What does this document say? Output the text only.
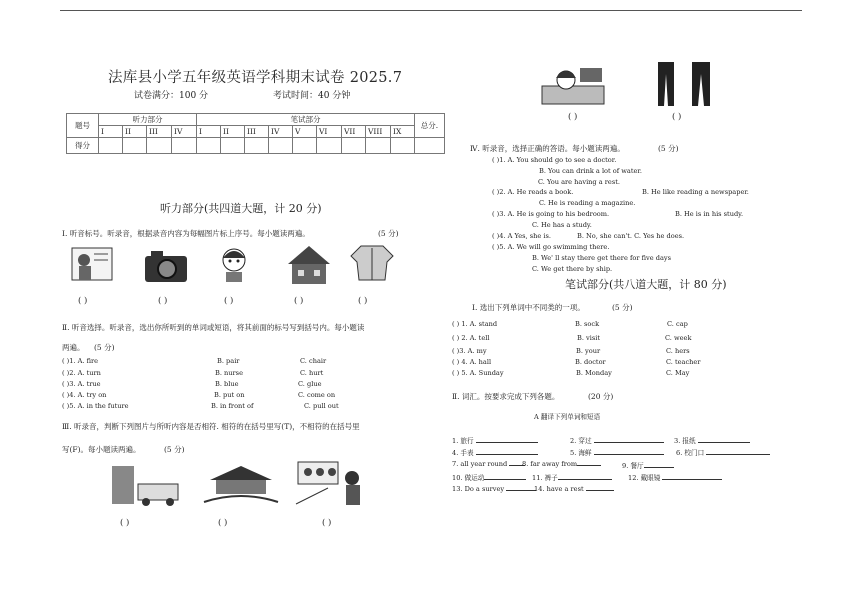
法库县小学五年级英语学科期末试卷 2025.7
试卷满分：100 分	考试时间：40 分钟
题号	听力部分				笔试部分									总分.
	I	II	III	IV	I	II	III	IV	V	VI	VII	VIII	IX	
得分														
听力部分(共四道大题，计 20 分)
Ⅰ. 听音标号。听录音，根据录音内容为每幅图片标上序号。每小题读两遍。	(5 分)
( )	( )	( )	( )	( )
Ⅱ. 听音选择。听录音，选出你所听到的单词或短语，将其前面的标号写到括号内。每小题读
两遍。 (5 分)
( )1. A. fire	B. pair	C. chair
( )2. A. turn	B. nurse	C. hurt
( )3. A. true	B. blue	C. glue
( )4. A. try on	B. put on	C. come on
( )5. A. in the future	B. in front of	C. pull out
Ⅲ. 听录音，判断下列图片与所听内容是否相符. 相符的在括号里写(T)，不相符的在括号里
写(F)。每小题读两遍。	(5 分)
( )	( )	( )
( )	( )
Ⅳ. 听录音，选择正确的答语。每小题读两遍。	(5 分)
( )1. A. You should go to see a doctor.
B. You can drink a lot of water.
C. You are having a rest.
( )2. A. He reads a book.	B. He like reading a newspaper.
C. He is reading a magazine.
( )3. A. He is going to his bedroom.	B. He is in his study.
C. He has a study.
( )4. A Yes, she is.	B. No, she can't. C. Yes he does.
( )5. A. We will go swimming there.
B. We' ll stay there get there for five days
C. We get there by ship.
笔试部分(共八道大题，计 80 分)
Ⅰ. 选出下列单词中不同类的一项。	(5 分)
( ) 1. A. stand	B. sock	C. cap
( ) 2. A. tell	B. visit	C. week
( )3. A. my	B. your	C. hers
( ) 4. A. hall	B. doctor	C. teacher
( ) 5. A. Sunday	B. Monday	C. May
Ⅱ. 词汇。按要求完成下列各题。	(20 分)
A 翻译下列单词和短语
1. 旅行	2. 穿过	3. 报纸
4. 手表	5. 海鲜	6. 校门口
7. all year round	8. far away from	9. 餐厅
10. 做运动	11. 裤子	12. 戴眼镜
13. Do a survey	14. have a rest
